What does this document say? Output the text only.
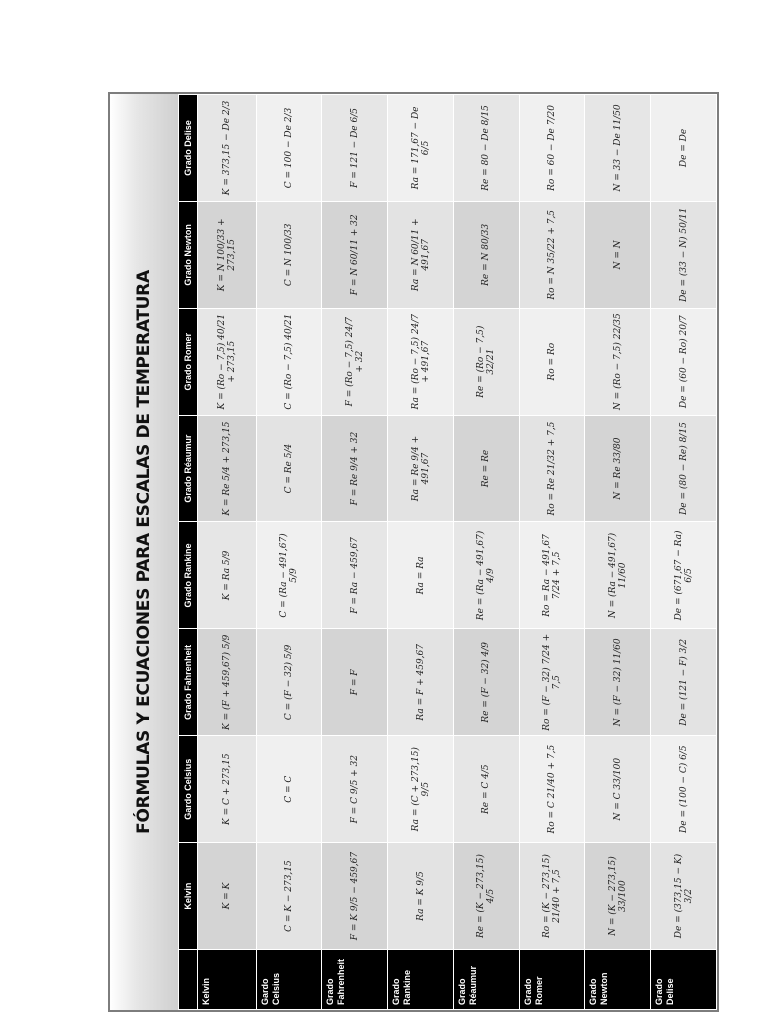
FÓRMULAS Y ECUACIONES PARA ESCALAS DE TEMPERATURA
	Kelvin	Gardo Celsius	Grado Fahrenheit	Grado Rankine	Grado Réaumur	Grado Romer	Grado Newton	Grado Delise
Kelvin	K = K	K = C + 273,15	K = (F + 459,67) 5/9	K = Ra 5/9	K = Re 5/4 + 273,15	K = (Ro − 7,5) 40/21 + 273,15	K = N 100/33 + 273,15	K = 373,15 − De 2/3
Gardo Celsius	C = K − 273,15	C = C	C = (F − 32) 5/9	C = (Ra − 491,67) 5/9	C = Re 5/4	C = (Ro − 7,5) 40/21	C = N 100/33	C = 100 − De 2/3
Grado Fahrenheit	F = K 9/5 − 459,67	F = C 9/5 + 32	F = F	F = Ra − 459,67	F = Re 9/4 + 32	F = (Ro − 7,5) 24/7 + 32	F = N 60/11 + 32	F = 121 − De 6/5
Grado Rankine	Ra = K 9/5	Ra = (C + 273,15) 9/5	Ra = F + 459,67	Ra = Ra	Ra = Re 9/4 + 491,67	Ra = (Ro − 7,5) 24/7 + 491,67	Ra = N 60/11 + 491,67	Ra = 171,67 − De 6/5
Grado Réaumur	Re = (K − 273,15) 4/5	Re = C 4/5	Re = (F − 32) 4/9	Re = (Ra − 491,67) 4/9	Re = Re	Re = (Ro − 7,5) 32/21	Re = N 80/33	Re = 80 − De 8/15
Grado Romer	Ro = (K − 273,15) 21/40 + 7,5	Ro = C 21/40 + 7,5	Ro = (F − 32) 7/24 + 7,5	Ro = Ra − 491,67 7/24 + 7,5	Ro = Re 21/32 + 7,5	Ro = Ro	Ro = N 35/22 + 7,5	Ro = 60 − De 7/20
Grado Newton	N = (K − 273,15) 33/100	N = C 33/100	N = (F − 32) 11/60	N = (Ra − 491,67) 11/60	N = Re 33/80	N = (Ro − 7,5) 22/35	N = N	N = 33 − De 11/50
Grado Delise	De = (373,15 − K) 3/2	De = (100 − C) 6/5	De = (121 − F) 3/2	De = (671,67 − Ra) 6/5	De = (80 − Re) 8/15	De = (60 − Ro) 20/7	De = (33 − N) 50/11	De = De
